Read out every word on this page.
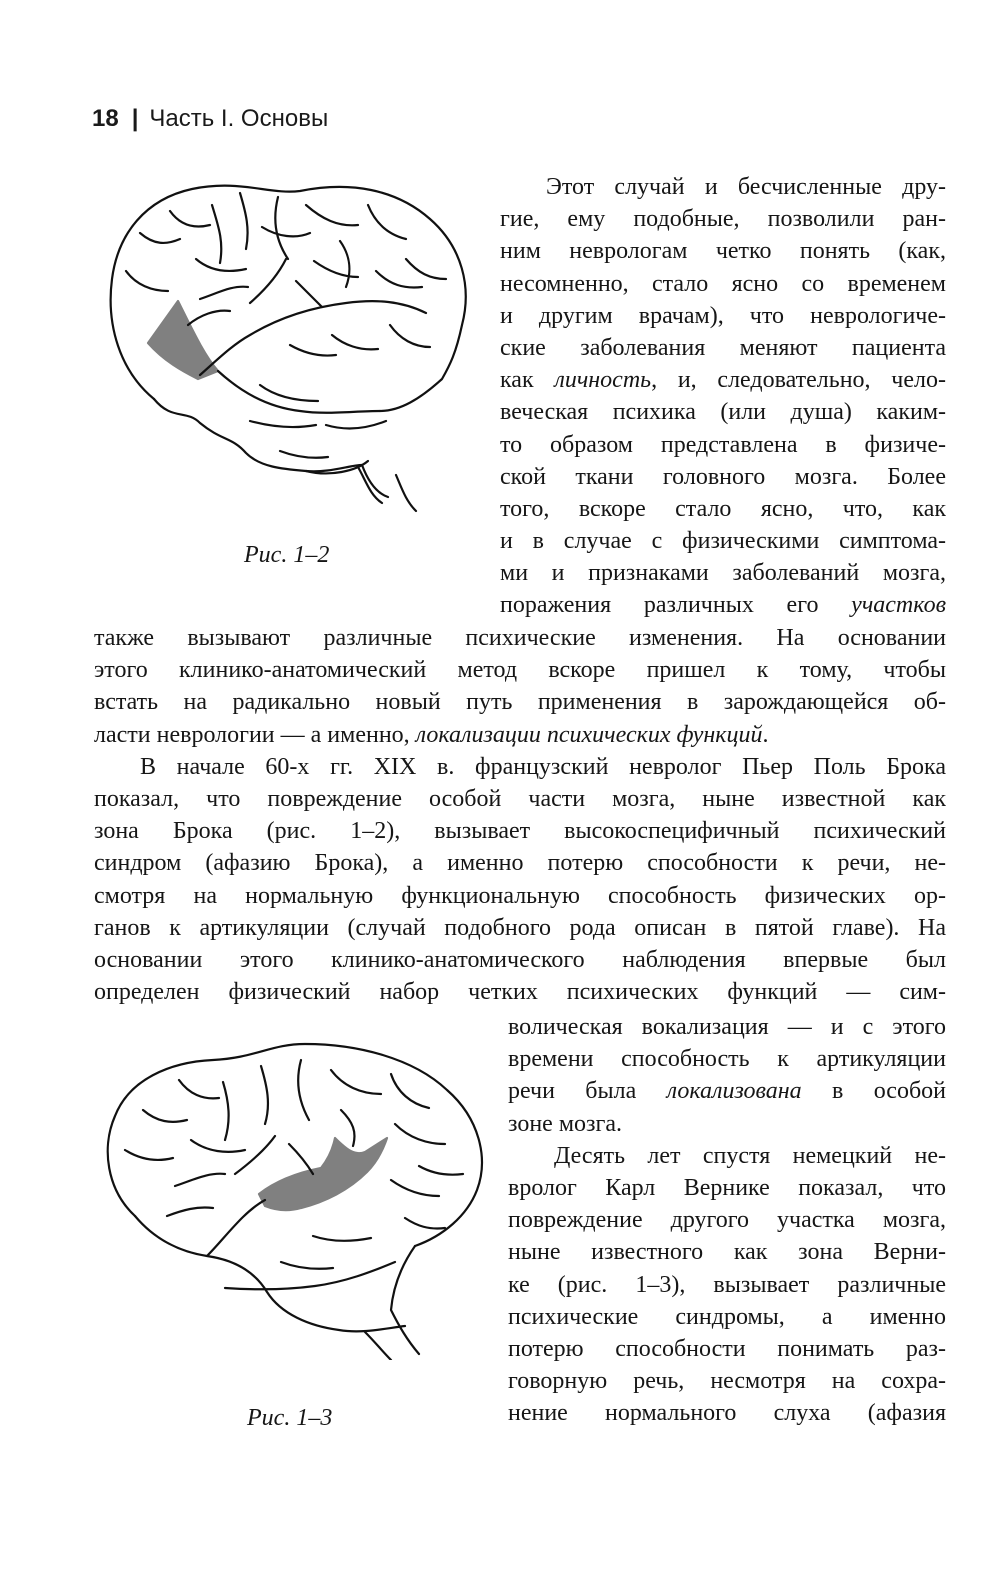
18 | Часть I. Основы
Рис. 1–2
Рис. 1–3
Этот случай и бесчисленные дру-
гие, ему подобные, позволили ран-
ним неврологам четко понять (как,
несомненно, стало ясно со временем
и другим врачам), что неврологиче-
ские заболевания меняют пациента
как личность, и, следовательно, чело-
веческая психика (или душа) каким-
то образом представлена в физиче-
ской ткани головного мозга. Более
того, вскоре стало ясно, что, как
и в случае с физическими симптома-
ми и признаками заболеваний мозга,
поражения различных его участков
также вызывают различные психические изменения. На основании
этого клинико-анатомический метод вскоре пришел к тому, чтобы
встать на радикально новый путь применения в зарождающейся об-
ласти неврологии — а именно, локализации психических функций.
В начале 60-х гг. XIX в. французский невролог Пьер Поль Брока
показал, что повреждение особой части мозга, ныне известной как
зона Брока (рис. 1–2), вызывает высокоспецифичный психический
синдром (афазию Брока), а именно потерю способности к речи, не-
смотря на нормальную функциональную способность физических ор-
ганов к артикуляции (случай подобного рода описан в пятой главе). На
основании этого клинико-анатомического наблюдения впервые был
определен физический набор четких психических функций — сим-
волическая вокализация — и с этого
времени способность к артикуляции
речи была локализована в особой
зоне мозга.
Десять лет спустя немецкий не-
вролог Карл Вернике показал, что
повреждение другого участка мозга,
ныне известного как зона Верни-
ке (рис. 1–3), вызывает различные
психические синдромы, а именно
потерю способности понимать раз-
говорную речь, несмотря на сохра-
нение нормального слуха (афазия
